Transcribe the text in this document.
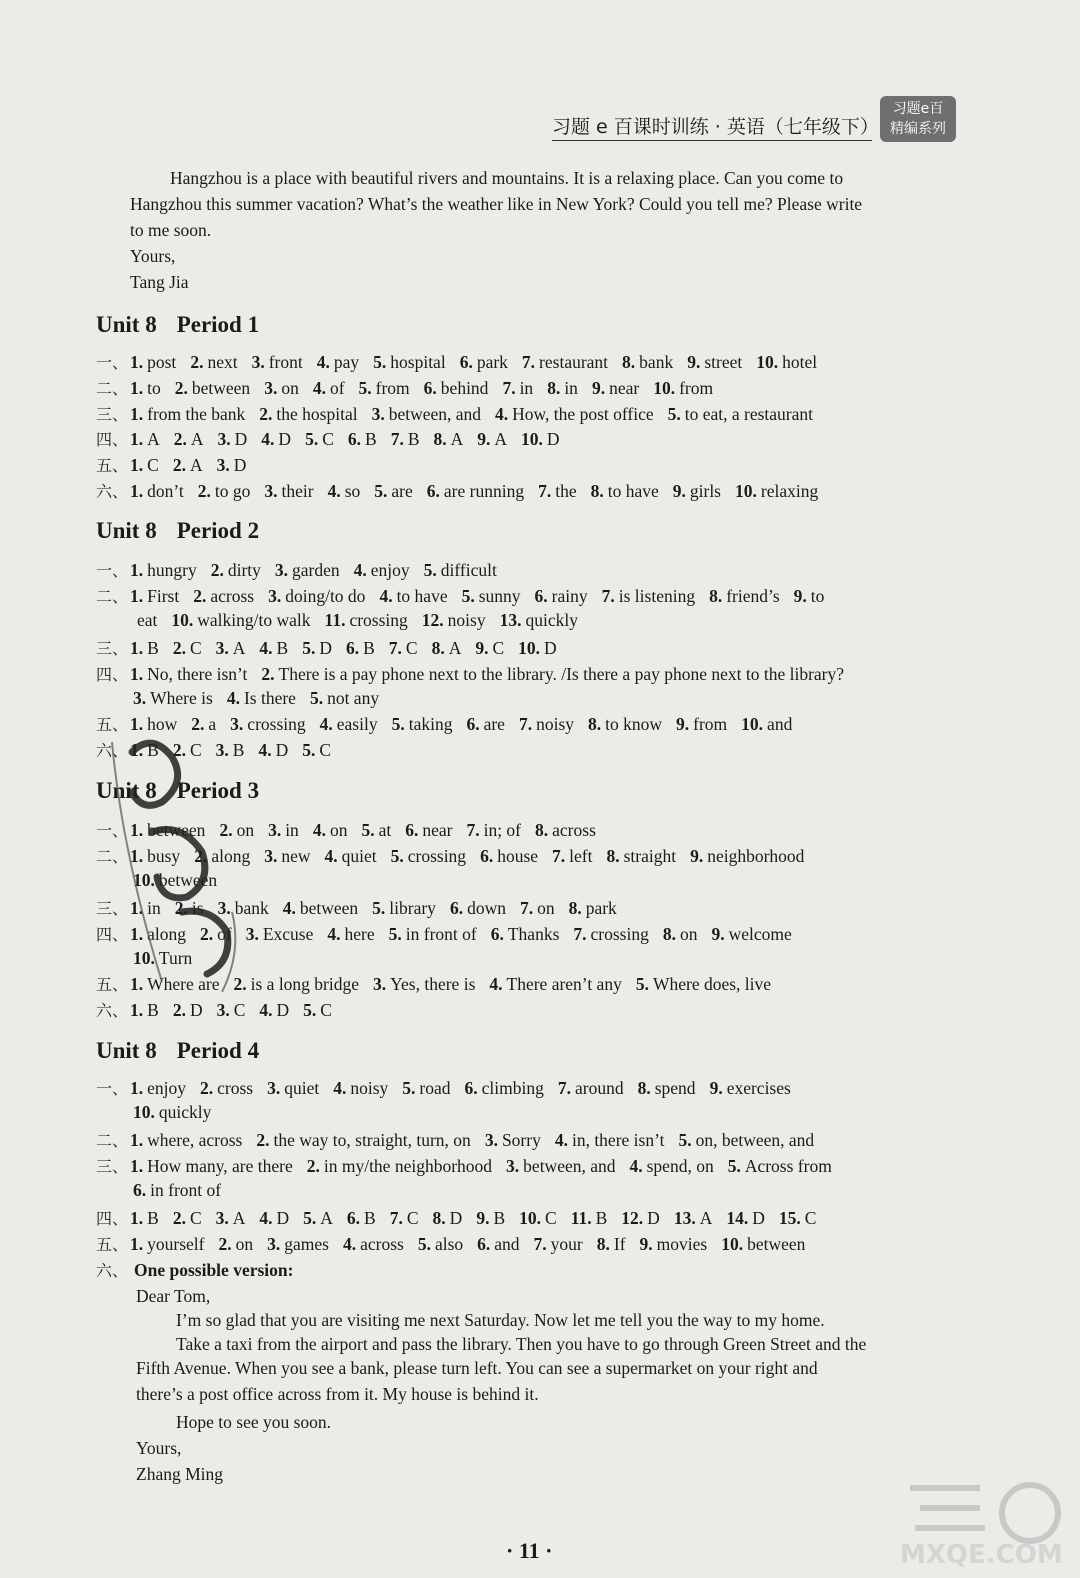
习题 e 百课时训练 · 英语（七年级下）
习题e百
精编系列
Hangzhou is a place with beautiful rivers and mountains. It is a relaxing place. Can you come to
Hangzhou this summer vacation? What’s the weather like in New York? Could you tell me? Please write
to me soon.
Yours,
Tang Jia
Unit 8 Period 1
一、 1. post 2. next 3. front 4. pay 5. hospital 6. park 7. restaurant 8. bank 9. street 10. hotel
二、 1. to 2. between 3. on 4. of 5. from 6. behind 7. in 8. in 9. near 10. from
三、 1. from the bank 2. the hospital 3. between, and 4. How, the post office 5. to eat, a restaurant
四、 1. A 2. A 3. D 4. D 5. C 6. B 7. B 8. A 9. A 10. D
五、 1. C 2. A 3. D
六、 1. don’t 2. to go 3. their 4. so 5. are 6. are running 7. the 8. to have 9. girls 10. relaxing
Unit 8 Period 2
一、 1. hungry 2. dirty 3. garden 4. enjoy 5. difficult
二、 1. First 2. across 3. doing/to do 4. to have 5. sunny 6. rainy 7. is listening 8. friend’s 9. to
eat 10. walking/to walk 11. crossing 12. noisy 13. quickly
三、 1. B 2. C 3. A 4. B 5. D 6. B 7. C 8. A 9. C 10. D
四、 1. No, there isn’t 2. There is a pay phone next to the library. /Is there a pay phone next to the library?
3. Where is 4. Is there 5. not any
五、 1. how 2. a 3. crossing 4. easily 5. taking 6. are 7. noisy 8. to know 9. from 10. and
六、 1. B 2. C 3. B 4. D 5. C
Unit 8 Period 3
一、 1. between 2. on 3. in 4. on 5. at 6. near 7. in; of 8. across
二、 1. busy 2. along 3. new 4. quiet 5. crossing 6. house 7. left 8. straight 9. neighborhood
10. between
三、 1. in 2. is 3. bank 4. between 5. library 6. down 7. on 8. park
四、 1. along 2. of 3. Excuse 4. here 5. in front of 6. Thanks 7. crossing 8. on 9. welcome
10. Turn
五、 1. Where are 2. is a long bridge 3. Yes, there is 4. There aren’t any 5. Where does, live
六、 1. B 2. D 3. C 4. D 5. C
Unit 8 Period 4
一、 1. enjoy 2. cross 3. quiet 4. noisy 5. road 6. climbing 7. around 8. spend 9. exercises
10. quickly
二、 1. where, across 2. the way to, straight, turn, on 3. Sorry 4. in, there isn’t 5. on, between, and
三、 1. How many, are there 2. in my/the neighborhood 3. between, and 4. spend, on 5. Across from
6. in front of
四、 1. B 2. C 3. A 4. D 5. A 6. B 7. C 8. D 9. B 10. C 11. B 12. D 13. A 14. D 15. C
五、 1. yourself 2. on 3. games 4. across 5. also 6. and 7. your 8. If 9. movies 10. between
六、 One possible version:
Dear Tom,
I’m so glad that you are visiting me next Saturday. Now let me tell you the way to my home.
Take a taxi from the airport and pass the library. Then you have to go through Green Street and the
Fifth Avenue. When you see a bank, please turn left. You can see a supermarket on your right and
there’s a post office across from it. My house is behind it.
Hope to see you soon.
Yours,
Zhang Ming
· 11 ·	MXQE.COM
